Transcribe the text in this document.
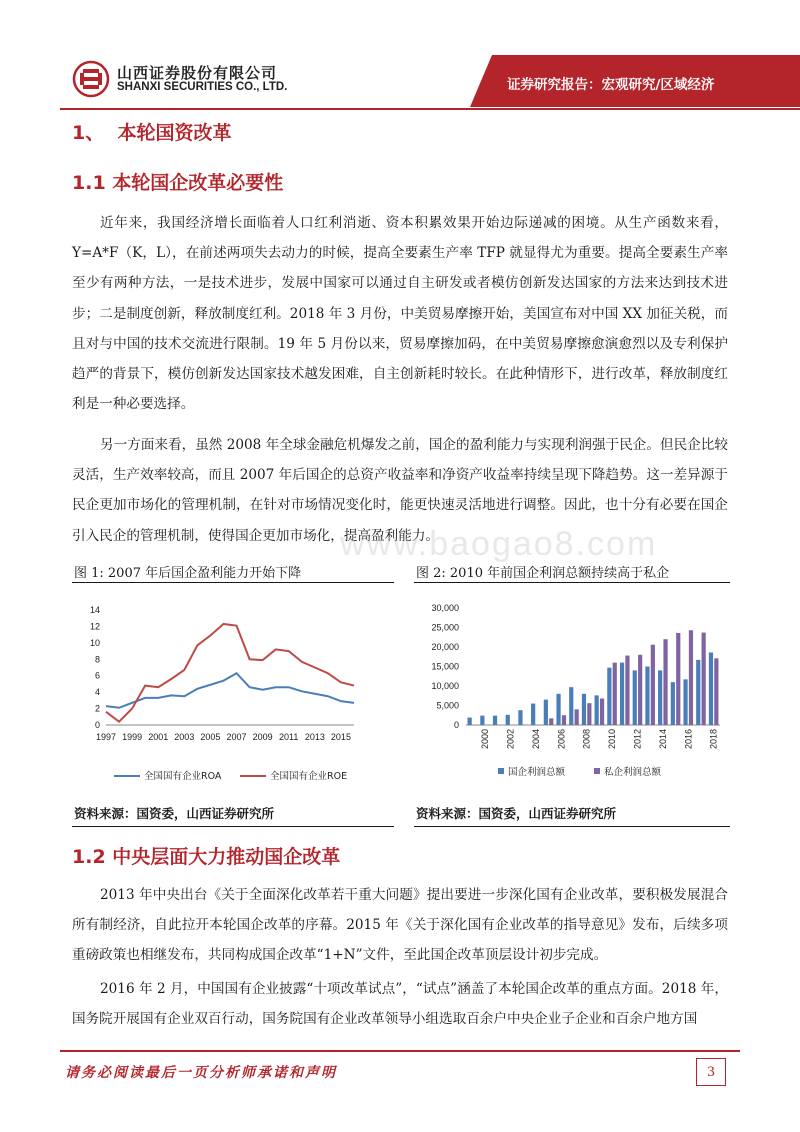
山西证券股份有限公司
SHANXI SECURITIES CO., LTD.	证券研究报告：宏观研究/区域经济
1、  本轮国资改革
1.1 本轮国企改革必要性

近年来，我国经济增长面临着人口红利消逝、资本积累效果开始边际递减的困境。从生产函数来看，Y=A*F（K，L），在前述两项失去动力的时候，提高全要素生产率 TFP 就显得尤为重要。提高全要素生产率至少有两种方法，一是技术进步，发展中国家可以通过自主研发或者模仿创新发达国家的方法来达到技术进步；二是制度创新，释放制度红利。2018 年 3 月份，中美贸易摩擦开始，美国宣布对中国 XX 加征关税，而且对与中国的技术交流进行限制。19 年 5 月份以来，贸易摩擦加码，在中美贸易摩擦愈演愈烈以及专利保护趋严的背景下，模仿创新发达国家技术越发困难，自主创新耗时较长。在此种情形下，进行改革，释放制度红利是一种必要选择。

另一方面来看，虽然 2008 年全球金融危机爆发之前，国企的盈利能力与实现利润强于民企。但民企比较灵活，生产效率较高，而且 2007 年后国企的总资产收益率和净资产收益率持续呈现下降趋势。这一差异源于民企更加市场化的管理机制，在针对市场情况变化时，能更快速灵活地进行调整。因此，也十分有必要在国企引入民企的管理机制，使得国企更加市场化，提高盈利能力。

www.baogao8.com
图 1: 2007 年后国企盈利能力开始下降
0
2
4
6
8
10
12
14
1997 1999 2001 2003 2005 2007 2009 2011 2013 2015
全国国有企业ROA	全国国有企业ROE
资料来源：国资委，山西证券研究所
图 2: 2010 年前国企利润总额持续高于私企
0
5,000
10,000
15,000
20,000
25,000
30,000
2000 2002 2004 2006 2008 2010 2012 2014 2016 2018
国企利润总额	私企利润总额
资料来源：国资委，山西证券研究所
1.2 中央层面大力推动国企改革

2013 年中央出台《关于全面深化改革若干重大问题》提出要进一步深化国有企业改革，要积极发展混合所有制经济，自此拉开本轮国企改革的序幕。2015 年《关于深化国有企业改革的指导意见》发布，后续多项重磅政策也相继发布，共同构成国企改革“1+N”文件，至此国企改革顶层设计初步完成。

2016 年 2 月，中国国有企业披露“十项改革试点”，“试点”涵盖了本轮国企改革的重点方面。2018 年，国务院开展国有企业双百行动，国务院国有企业改革领导小组选取百余户中央企业子企业和百余户地方国

请务必阅读最后一页分析师承诺和声明	3
